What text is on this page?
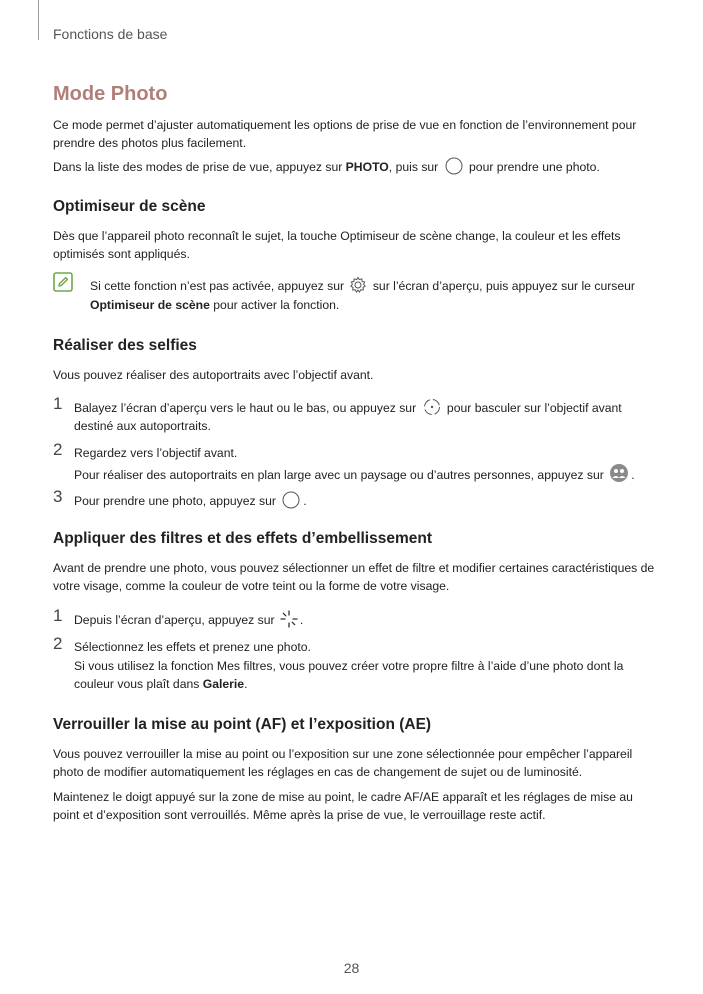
Fonctions de base
Mode Photo
Ce mode permet d’ajuster automatiquement les options de prise de vue en fonction de l’environnement pour prendre des photos plus facilement.
Dans la liste des modes de prise de vue, appuyez sur PHOTO, puis sur  pour prendre une photo.
Optimiseur de scène
Dès que l’appareil photo reconnaît le sujet, la touche Optimiseur de scène change, la couleur et les effets optimisés sont appliqués.
Si cette fonction n’est pas activée, appuyez sur  sur l’écran d’aperçu, puis appuyez sur le curseur Optimiseur de scène pour activer la fonction.
Réaliser des selfies
Vous pouvez réaliser des autoportraits avec l’objectif avant.
1 Balayez l’écran d’aperçu vers le haut ou le bas, ou appuyez sur  pour basculer sur l’objectif avant destiné aux autoportraits.
2 Regardez vers l’objectif avant.
Pour réaliser des autoportraits en plan large avec un paysage ou d’autres personnes, appuyez sur .
3 Pour prendre une photo, appuyez sur .
Appliquer des filtres et des effets d’embellissement
Avant de prendre une photo, vous pouvez sélectionner un effet de filtre et modifier certaines caractéristiques de votre visage, comme la couleur de votre teint ou la forme de votre visage.
1 Depuis l’écran d’aperçu, appuyez sur .
2 Sélectionnez les effets et prenez une photo.
Si vous utilisez la fonction Mes filtres, vous pouvez créer votre propre filtre à l’aide d’une photo dont la couleur vous plaît dans Galerie.
Verrouiller la mise au point (AF) et l’exposition (AE)
Vous pouvez verrouiller la mise au point ou l’exposition sur une zone sélectionnée pour empêcher l’appareil photo de modifier automatiquement les réglages en cas de changement de sujet ou de luminosité.
Maintenez le doigt appuyé sur la zone de mise au point, le cadre AF/AE apparaît et les réglages de mise au point et d’exposition sont verrouillés. Même après la prise de vue, le verrouillage reste actif.
28
